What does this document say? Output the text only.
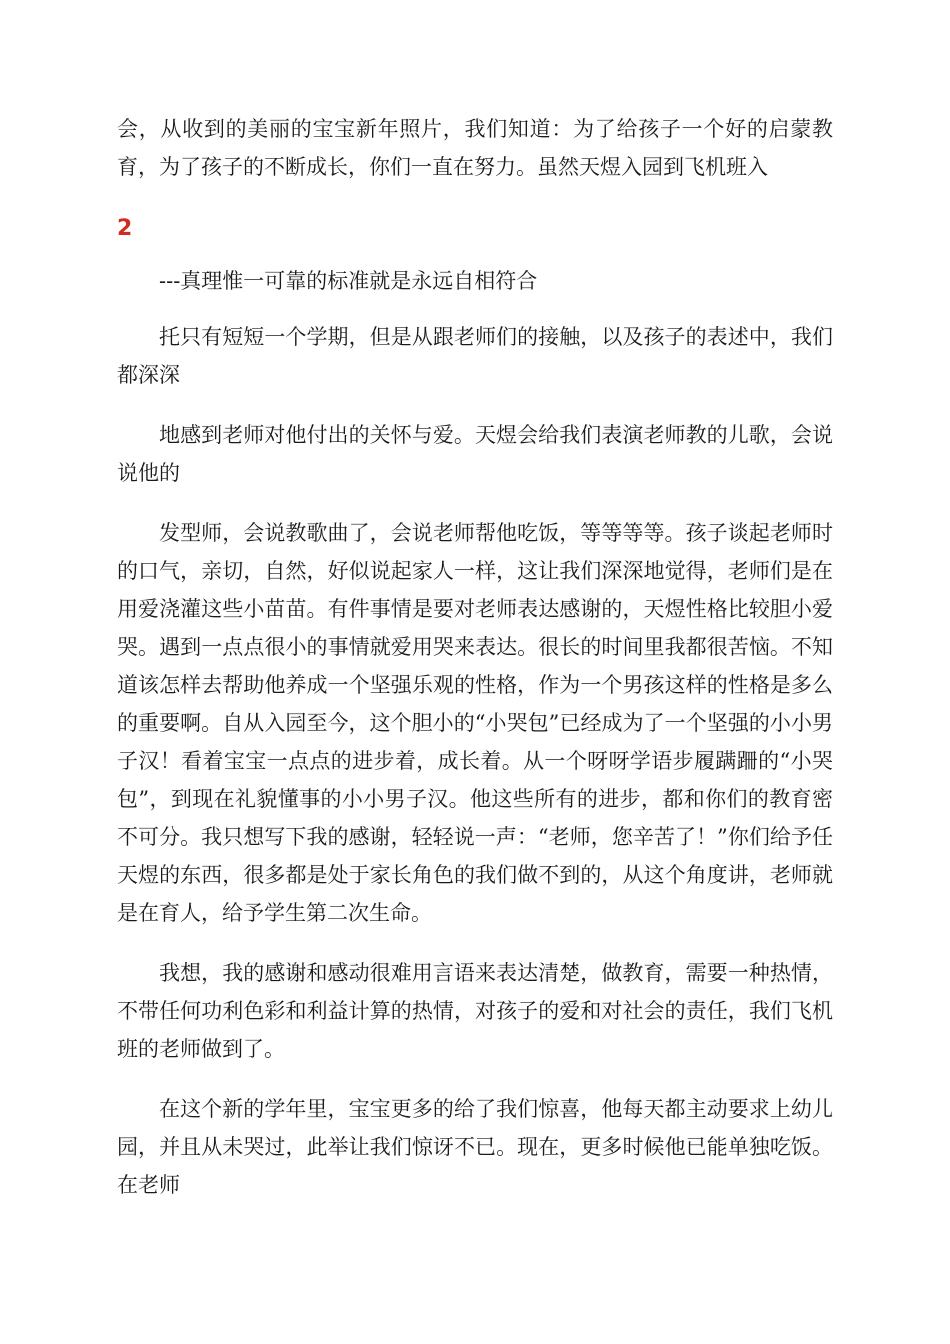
会，从收到的美丽的宝宝新年照片，我们知道：为了给孩子一个好的启蒙教育，为了孩子的不断成长，你们一直在努力。虽然天煜入园到飞机班入

2

---真理惟一可靠的标准就是永远自相符合

托只有短短一个学期，但是从跟老师们的接触，以及孩子的表述中，我们都深深

地感到老师对他付出的关怀与爱。天煜会给我们表演老师教的儿歌，会说说他的

发型师，会说教歌曲了，会说老师帮他吃饭，等等等等。孩子谈起老师时的口气，亲切，自然，好似说起家人一样，这让我们深深地觉得，老师们是在用爱浇灌这些小苗苗。有件事情是要对老师表达感谢的，天煜性格比较胆小爱哭。遇到一点点很小的事情就爱用哭来表达。很长的时间里我都很苦恼。不知道该怎样去帮助他养成一个坚强乐观的性格，作为一个男孩这样的性格是多么的重要啊。自从入园至今，这个胆小的“小哭包”已经成为了一个坚强的小小男子汉！看着宝宝一点点的进步着，成长着。从一个呀呀学语步履蹒跚的“小哭包”，到现在礼貌懂事的小小男子汉。他这些所有的进步，都和你们的教育密不可分。我只想写下我的感谢，轻轻说一声：“老师，您辛苦了！”你们给予任天煜的东西，很多都是处于家长角色的我们做不到的，从这个角度讲，老师就是在育人，给予学生第二次生命。

我想，我的感谢和感动很难用言语来表达清楚，做教育，需要一种热情，不带任何功利色彩和利益计算的热情，对孩子的爱和对社会的责任，我们飞机班的老师做到了。

在这个新的学年里，宝宝更多的给了我们惊喜，他每天都主动要求上幼儿园，并且从未哭过，此举让我们惊讶不已。现在，更多时候他已能单独吃饭。在老师
